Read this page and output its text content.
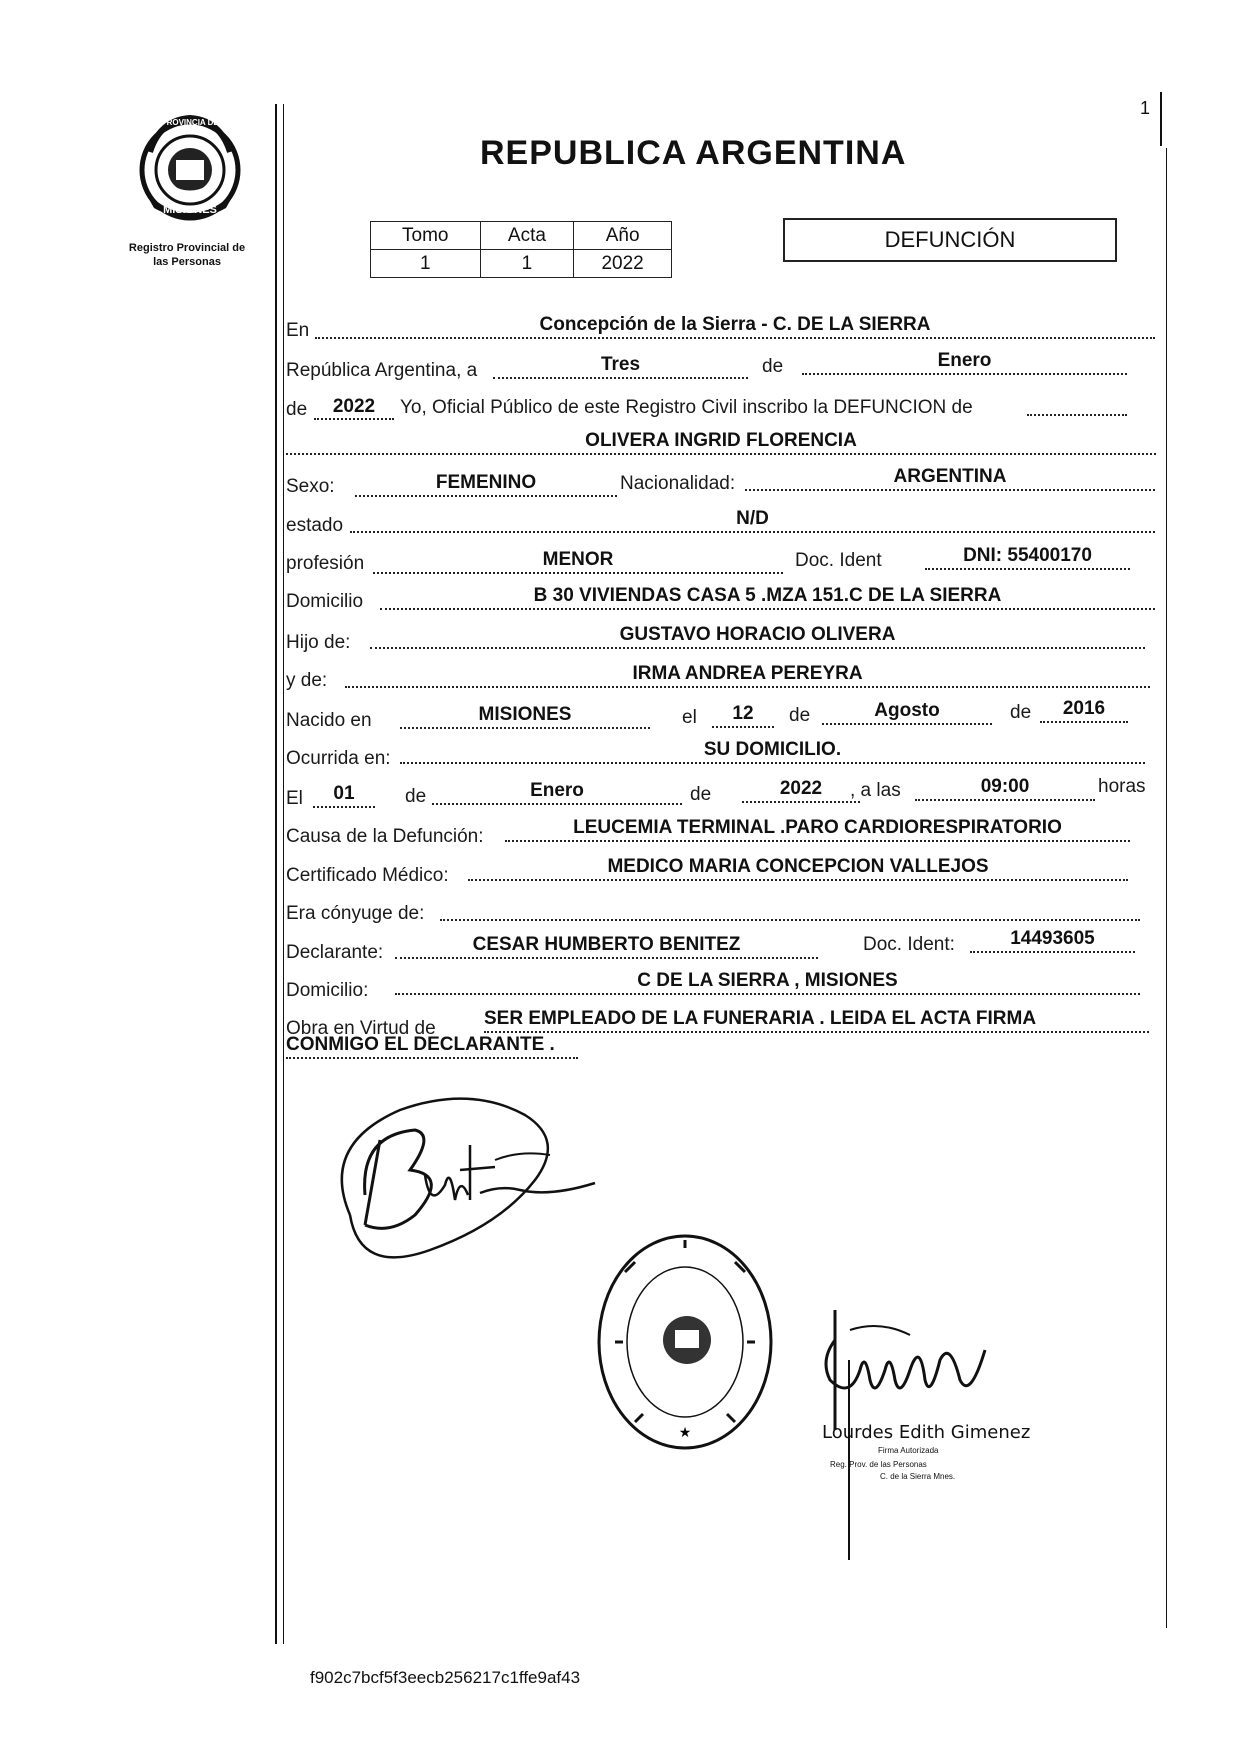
1
PROVINCIA DE
MISIONES
Registro Provincial de
las Personas
REPUBLICA ARGENTINA
Tomo	Acta	Año
1	1	2022
DEFUNCIÓN
En	Concepción de la Sierra - C. DE LA SIERRA
República Argentina, a	Tres	de	Enero
de	2022	Yo, Oficial Público de este Registro Civil inscribo la DEFUNCION de
OLIVERA INGRID FLORENCIA
Sexo:	FEMENINO	Nacionalidad:	ARGENTINA
estado	N/D
profesión	MENOR	Doc. Ident	DNI: 55400170
Domicilio	B 30 VIVIENDAS CASA 5 .MZA 151.C DE LA SIERRA
Hijo de:	GUSTAVO HORACIO OLIVERA
y de:	IRMA ANDREA PEREYRA
Nacido en	MISIONES	el	12	de	Agosto	de	2016
Ocurrida en:	SU DOMICILIO.
El	01	de	Enero	de	2022	, a las	09:00	horas
Causa de la Defunción:	LEUCEMIA TERMINAL .PARO CARDIORESPIRATORIO
Certificado Médico:	MEDICO MARIA CONCEPCION VALLEJOS
Era cónyuge de:
Declarante:	CESAR HUMBERTO BENITEZ	Doc. Ident:	14493605
Domicilio:	C DE LA SIERRA , MISIONES
Obra en Virtud de	SER EMPLEADO DE LA FUNERARIA . LEIDA EL ACTA FIRMA
CONMIGO EL DECLARANTE .
★	Lourdes Edith Gimenez
Firma Autorizada
Reg. Prov. de las Personas
C. de la Sierra Mnes.
f902c7bcf5f3eecb256217c1ffe9af43
